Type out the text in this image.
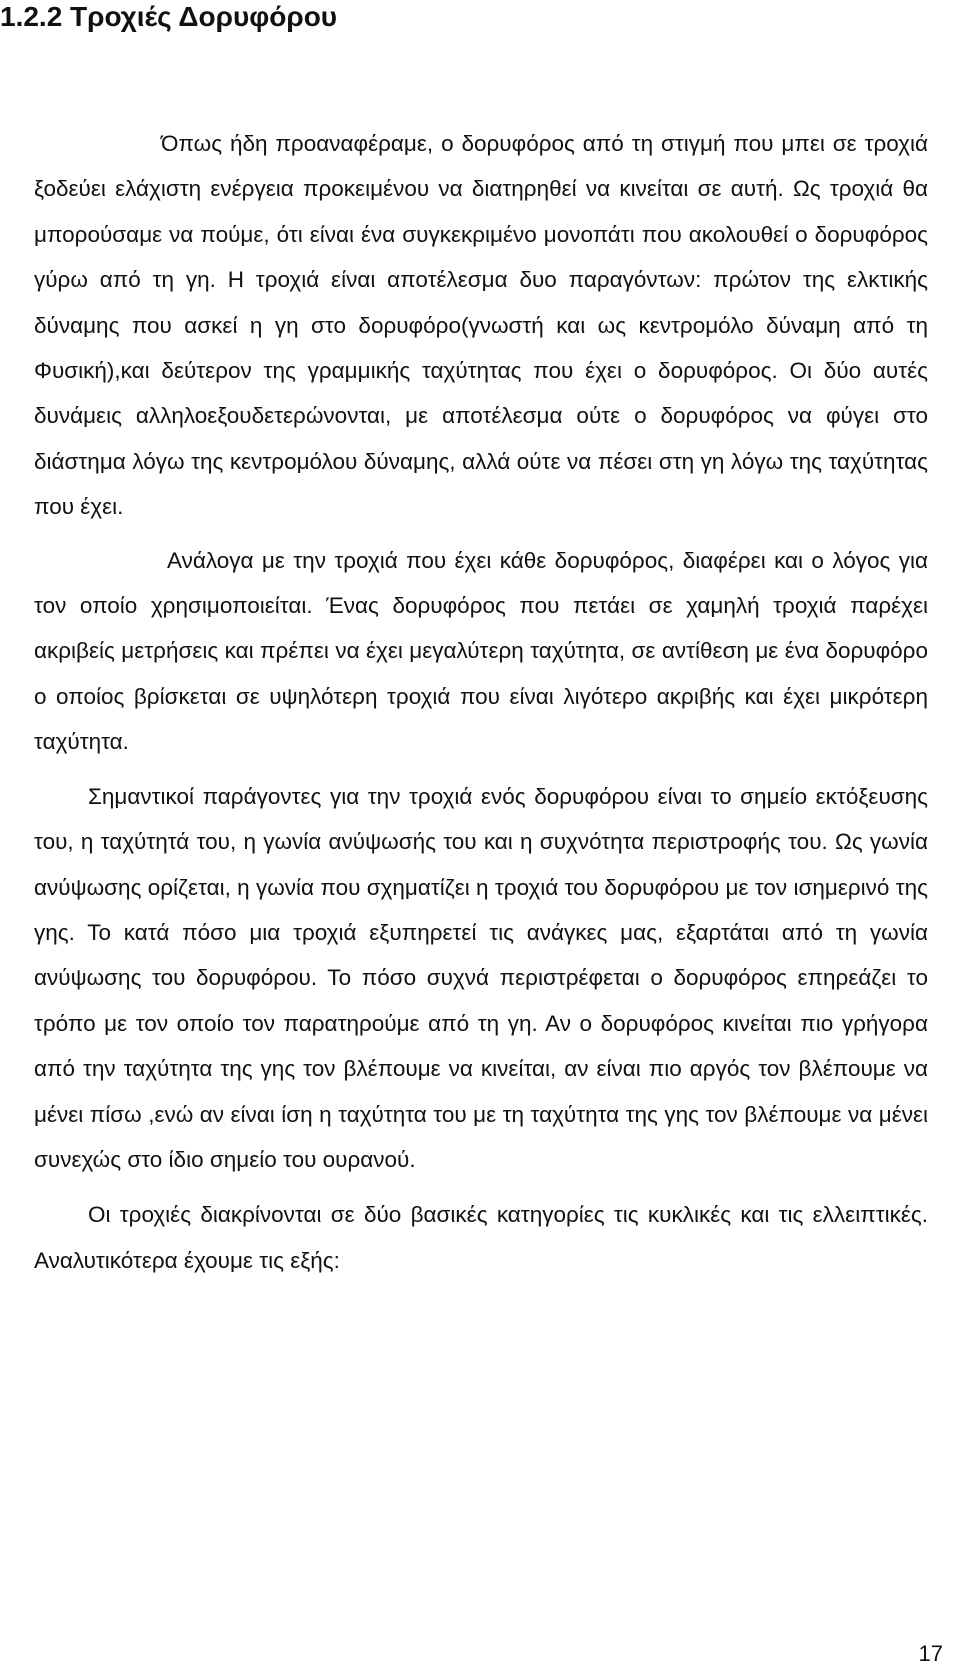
1.2.2 Τροχιές Δορυφόρου

Όπως ήδη προαναφέραμε, ο δορυφόρος από τη στιγμή που μπει σε τροχιά ξοδεύει ελάχιστη ενέργεια προκειμένου να διατηρηθεί να κινείται σε αυτή. Ως τροχιά θα μπορούσαμε να πούμε, ότι είναι ένα συγκεκριμένο μονοπάτι που ακολουθεί ο δορυφόρος γύρω από τη γη. Η τροχιά είναι αποτέλεσμα δυο παραγόντων: πρώτον της ελκτικής δύναμης που ασκεί η γη στο δορυφόρο(γνωστή και ως κεντρομόλο δύναμη από τη Φυσική),και δεύτερον της γραμμικής ταχύτητας που έχει ο δορυφόρος. Οι δύο αυτές δυνάμεις αλληλοεξουδετερώνονται, με αποτέλεσμα ούτε ο δορυφόρος να φύγει στο διάστημα λόγω της κεντρομόλου δύναμης, αλλά ούτε να πέσει στη γη λόγω της ταχύτητας που έχει.

Ανάλογα με την τροχιά που έχει κάθε δορυφόρος, διαφέρει και ο λόγος για τον οποίο χρησιμοποιείται. Ένας δορυφόρος που πετάει σε χαμηλή τροχιά παρέχει ακριβείς μετρήσεις και πρέπει να έχει μεγαλύτερη ταχύτητα, σε αντίθεση με ένα δορυφόρο ο οποίος βρίσκεται σε υψηλότερη τροχιά που είναι λιγότερο ακριβής και έχει μικρότερη ταχύτητα.

Σημαντικοί παράγοντες για την τροχιά ενός δορυφόρου είναι το σημείο εκτόξευσης του, η ταχύτητά του, η γωνία ανύψωσής του και η συχνότητα περιστροφής του. Ως γωνία ανύψωσης ορίζεται, η γωνία που σχηματίζει η τροχιά του δορυφόρου με τον ισημερινό της γης. Το κατά πόσο μια τροχιά εξυπηρετεί τις ανάγκες μας, εξαρτάται από τη γωνία ανύψωσης του δορυφόρου. Το πόσο συχνά περιστρέφεται ο δορυφόρος επηρεάζει το τρόπο με τον οποίο τον παρατηρούμε από τη γη. Αν ο δορυφόρος κινείται πιο γρήγορα από την ταχύτητα της γης τον βλέπουμε να κινείται, αν είναι πιο αργός τον βλέπουμε να μένει πίσω ,ενώ αν είναι ίση η ταχύτητα του με τη ταχύτητα της γης τον βλέπουμε να μένει συνεχώς στο ίδιο σημείο του ουρανού.

Οι τροχιές διακρίνονται σε δύο βασικές κατηγορίες τις κυκλικές και τις ελλειπτικές. Αναλυτικότερα έχουμε τις εξής:

17
